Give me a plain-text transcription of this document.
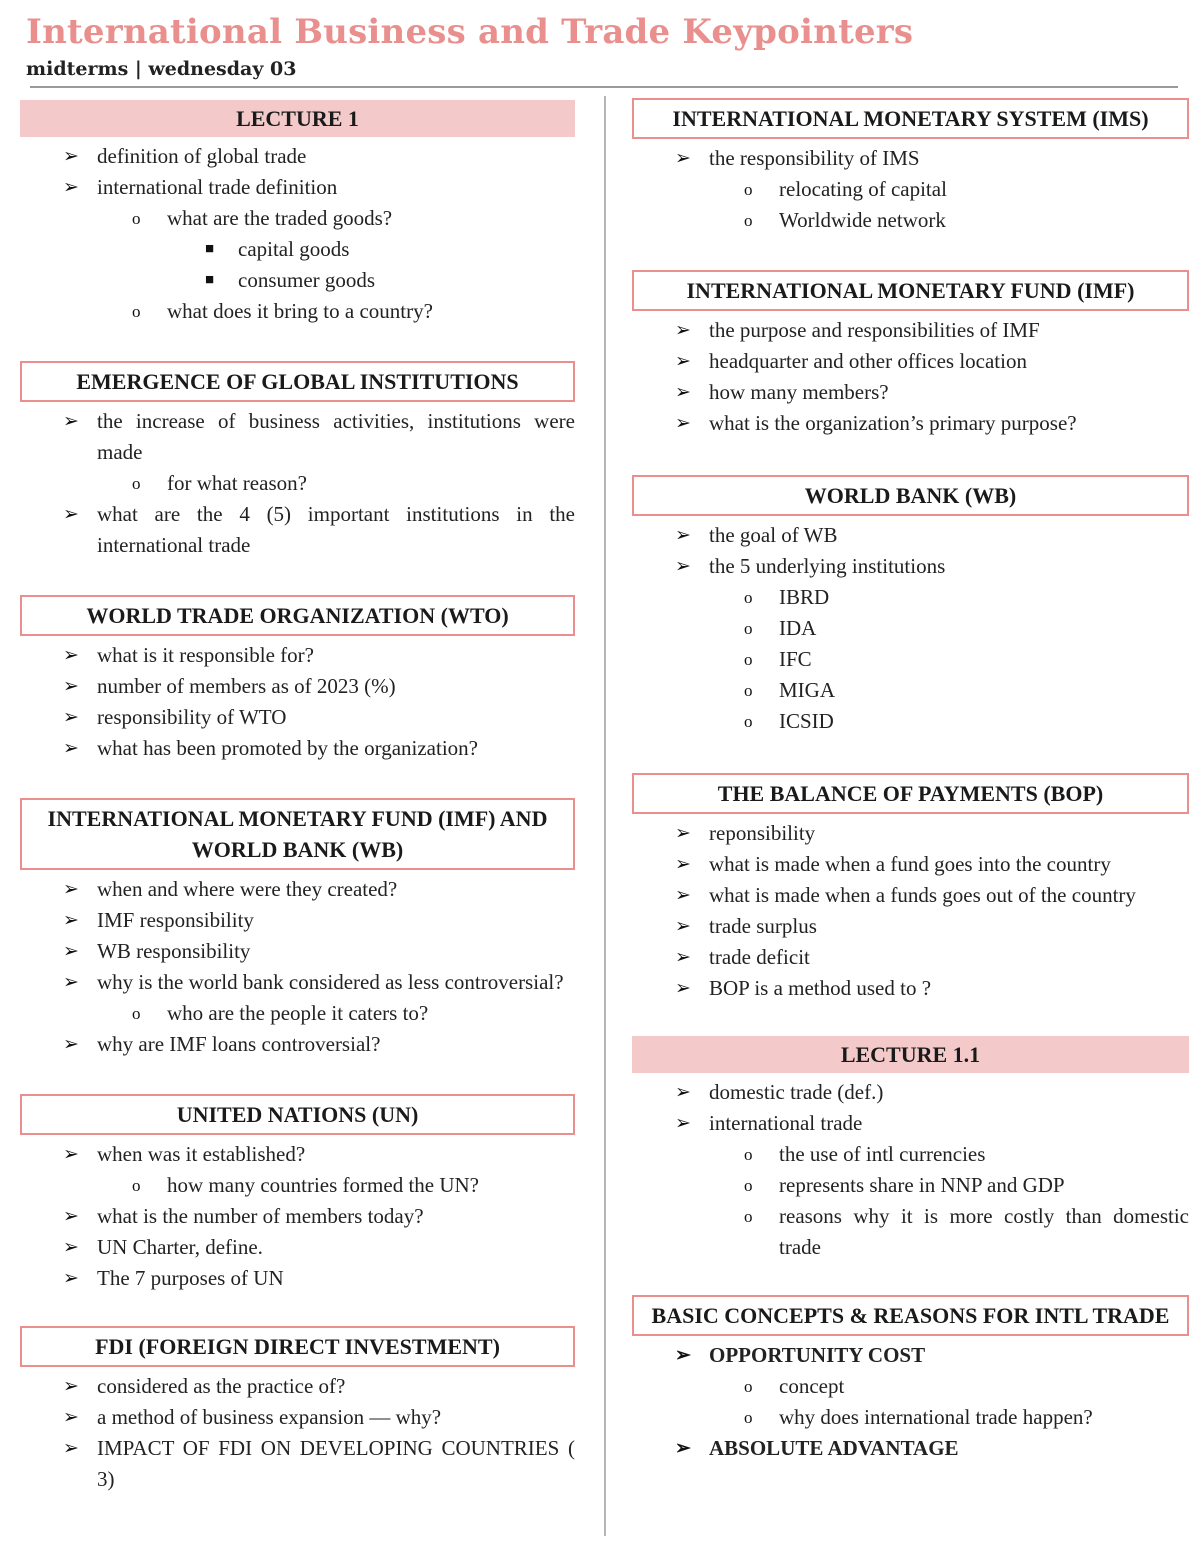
International Business and Trade Keypointers
midterms | wednesday 03
LECTURE 1
➢ definition of global trade
➢ international trade definition
o what are the traded goods?
■ capital goods
■ consumer goods
o what does it bring to a country?
EMERGENCE OF GLOBAL INSTITUTIONS
➢ the increase of business activities, institutions were made
o for what reason?
➢ what are the 4 (5) important institutions in the international trade
WORLD TRADE ORGANIZATION (WTO)
➢ what is it responsible for?
➢ number of members as of 2023 (%)
➢ responsibility of WTO
➢ what has been promoted by the organization?
INTERNATIONAL MONETARY FUND (IMF) AND WORLD BANK (WB)
➢ when and where were they created?
➢ IMF responsibility
➢ WB responsibility
➢ why is the world bank considered as less controversial?
o who are the people it caters to?
➢ why are IMF loans controversial?
UNITED NATIONS (UN)
➢ when was it established?
o how many countries formed the UN?
➢ what is the number of members today?
➢ UN Charter, define.
➢ The 7 purposes of UN
FDI (FOREIGN DIRECT INVESTMENT)
➢ considered as the practice of?
➢ a method of business expansion — why?
➢ IMPACT OF FDI ON DEVELOPING COUNTRIES ( 3)
INTERNATIONAL MONETARY SYSTEM (IMS)
➢ the responsibility of IMS
o relocating of capital
o Worldwide network
INTERNATIONAL MONETARY FUND (IMF)
➢ the purpose and responsibilities of IMF
➢ headquarter and other offices location
➢ how many members?
➢ what is the organization’s primary purpose?
WORLD BANK (WB)
➢ the goal of WB
➢ the 5 underlying institutions
o IBRD
o IDA
o IFC
o MIGA
o ICSID
THE BALANCE OF PAYMENTS (BOP)
➢ reponsibility
➢ what is made when a fund goes into the country
➢ what is made when a funds goes out of the country
➢ trade surplus
➢ trade deficit
➢ BOP is a method used to ?
LECTURE 1.1
➢ domestic trade (def.)
➢ international trade
o the use of intl currencies
o represents share in NNP and GDP
o reasons why it is more costly than domestic trade
BASIC CONCEPTS & REASONS FOR INTL TRADE
➢ OPPORTUNITY COST
o concept
o why does international trade happen?
➢ ABSOLUTE ADVANTAGE
